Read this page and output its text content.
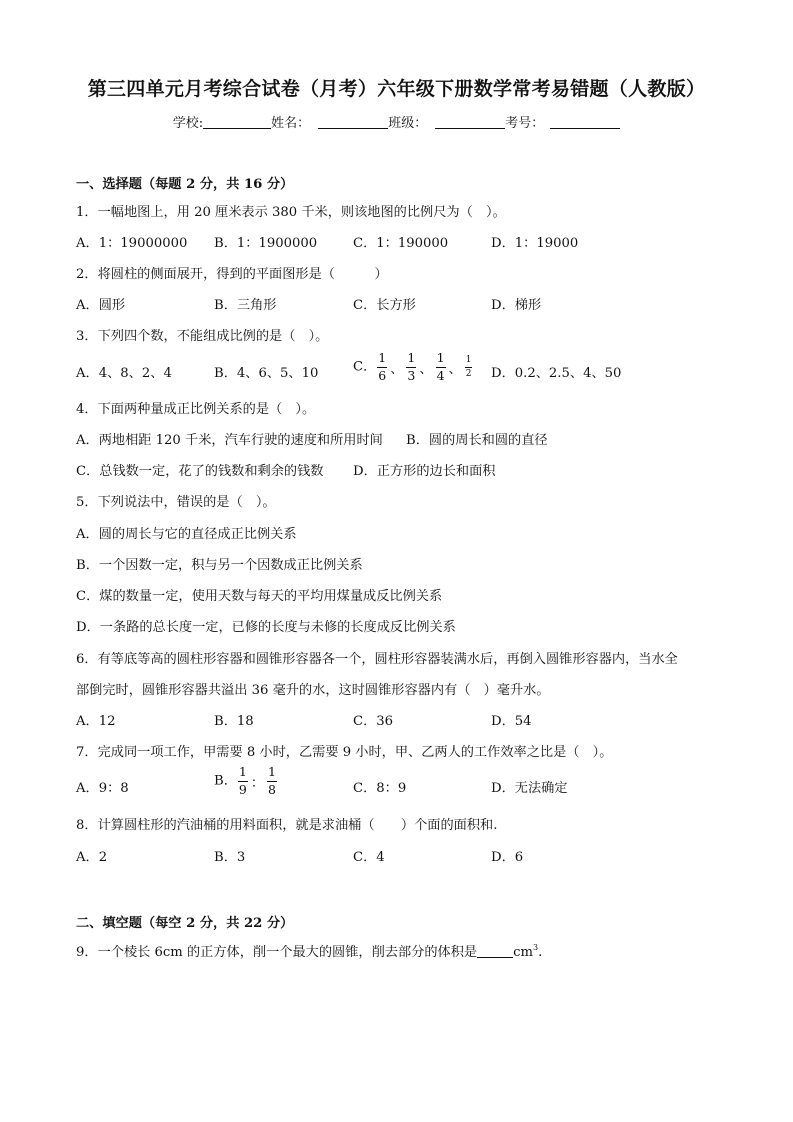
第三四单元月考综合试卷（月考）六年级下册数学常考易错题（人教版）
学校:	姓名：	班级：	考号：
一、选择题（每题 2 分，共 16 分）
1．一幅地图上，用 20 厘米表示 380 千米，则该地图的比例尺为（　）。
A．1：19000000 B．1：1900000	C．1：190000	D．1：19000
2．将圆柱的侧面展开，得到的平面图形是（　　　）
A．圆形	B．三角形	C．长方形	D．梯形
3．下列四个数，不能组成比例的是（　）。
A．4、8、2、4	B．4、6、5、10	C． $\frac{1}{6}$ 、 $\frac{1}{3}$ 、 $\frac{1}{4}$ 、 $\frac{1}{2}$ D．0.2、2.5、4、50
4．下面两种量成正比例关系的是（　）。
A．两地相距 120 千米，汽车行驶的速度和所用时间 B．圆的周长和圆的直径
C．总钱数一定，花了的钱数和剩余的钱数 D．正方形的边长和面积
5．下列说法中，错误的是（　）。
A．圆的周长与它的直径成正比例关系
B．一个因数一定，积与另一个因数成正比例关系
C．煤的数量一定，使用天数与每天的平均用煤量成反比例关系
D．一条路的总长度一定，已修的长度与未修的长度成反比例关系
6．有等底等高的圆柱形容器和圆锥形容器各一个，圆柱形容器装满水后，再倒入圆锥形容器内，当水全
部倒完时，圆锥形容器共溢出 36 毫升的水，这时圆锥形容器内有（　）毫升水。
A．12	B．18	C．36	D．54
7．完成同一项工作，甲需要 8 小时，乙需要 9 小时，甲、乙两人的工作效率之比是（　）。
A．9：8	B． $\frac{1}{9}$ ： $\frac{1}{8}$	C．8：9	D．无法确定
8．计算圆柱形的汽油桶的用料面积，就是求油桶（　　）个面的面积和.
A．2	B．3	C．4	D．6
二、填空题（每空 2 分，共 22 分）
9．一个棱长 6cm 的正方体，削一个最大的圆锥，削去部分的体积是	$cm^3$.
